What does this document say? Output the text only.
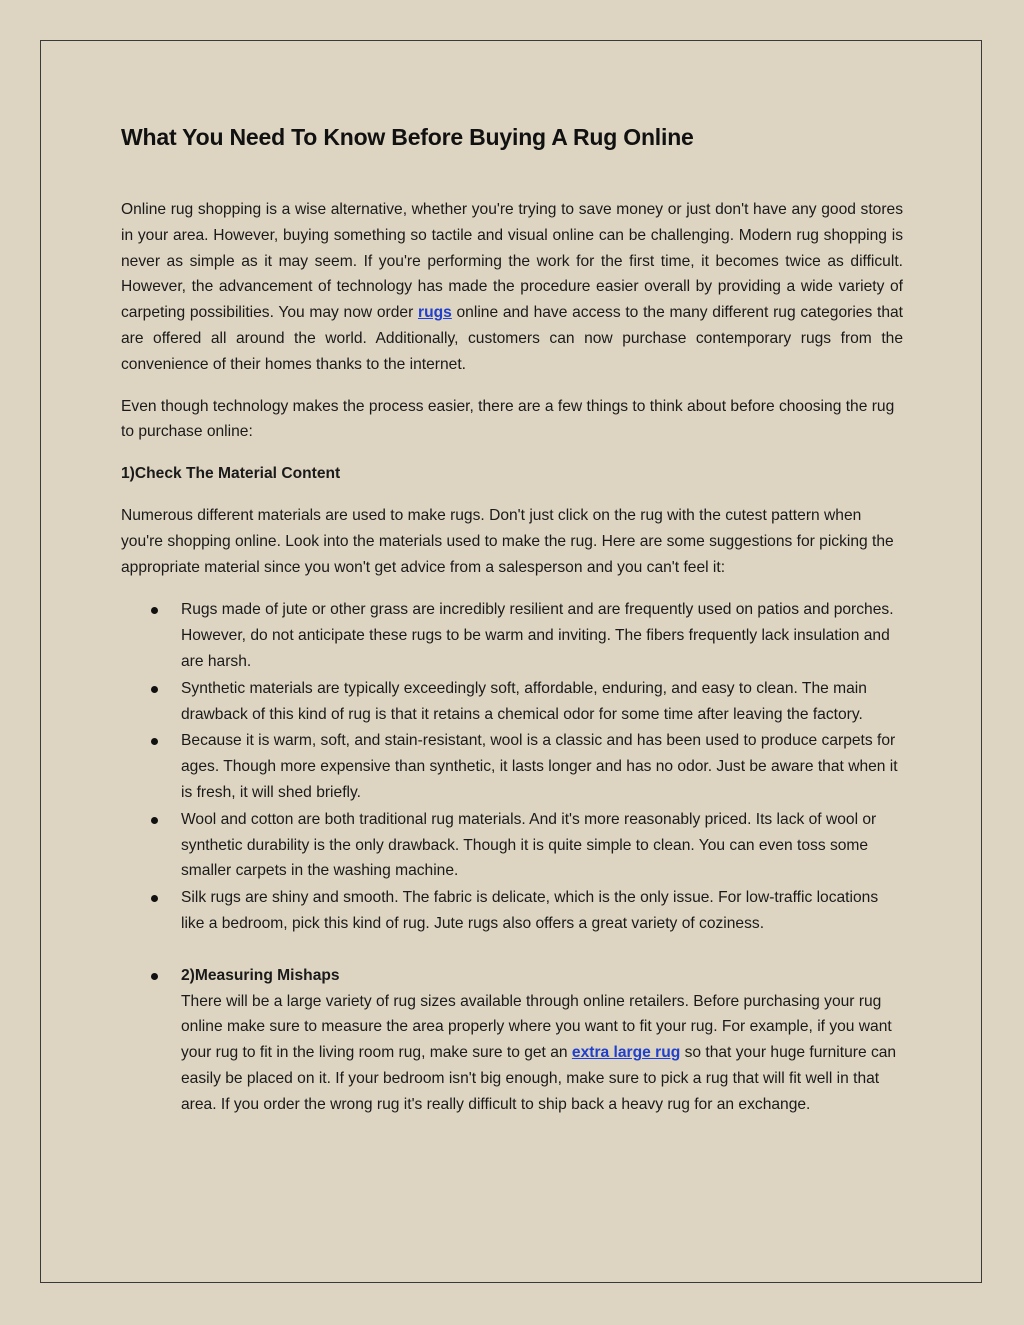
What You Need To Know Before Buying A Rug Online

Online rug shopping is a wise alternative, whether you're trying to save money or just don't have any good stores in your area. However, buying something so tactile and visual online can be challenging. Modern rug shopping is never as simple as it may seem. If you're performing the work for the first time, it becomes twice as difficult. However, the advancement of technology has made the procedure easier overall by providing a wide variety of carpeting possibilities. You may now order rugs online and have access to the many different rug categories that are offered all around the world. Additionally, customers can now purchase contemporary rugs from the convenience of their homes thanks to the internet.

Even though technology makes the process easier, there are a few things to think about before choosing the rug to purchase online:

1)Check The Material Content

Numerous different materials are used to make rugs. Don't just click on the rug with the cutest pattern when you're shopping online. Look into the materials used to make the rug. Here are some suggestions for picking the appropriate material since you won't get advice from a salesperson and you can't feel it:

Rugs made of jute or other grass are incredibly resilient and are frequently used on patios and porches. However, do not anticipate these rugs to be warm and inviting. The fibers frequently lack insulation and are harsh.
Synthetic materials are typically exceedingly soft, affordable, enduring, and easy to clean. The main drawback of this kind of rug is that it retains a chemical odor for some time after leaving the factory.
Because it is warm, soft, and stain-resistant, wool is a classic and has been used to produce carpets for ages. Though more expensive than synthetic, it lasts longer and has no odor. Just be aware that when it is fresh, it will shed briefly.
Wool and cotton are both traditional rug materials. And it's more reasonably priced. Its lack of wool or synthetic durability is the only drawback. Though it is quite simple to clean. You can even toss some smaller carpets in the washing machine.
Silk rugs are shiny and smooth. The fabric is delicate, which is the only issue. For low-traffic locations like a bedroom, pick this kind of rug. Jute rugs also offers a great variety of coziness.
2)Measuring Mishaps
There will be a large variety of rug sizes available through online retailers. Before purchasing your rug online make sure to measure the area properly where you want to fit your rug. For example, if you want your rug to fit in the living room rug, make sure to get an extra large rug so that your huge furniture can easily be placed on it. If your bedroom isn't big enough, make sure to pick a rug that will fit well in that area. If you order the wrong rug it's really difficult to ship back a heavy rug for an exchange.
